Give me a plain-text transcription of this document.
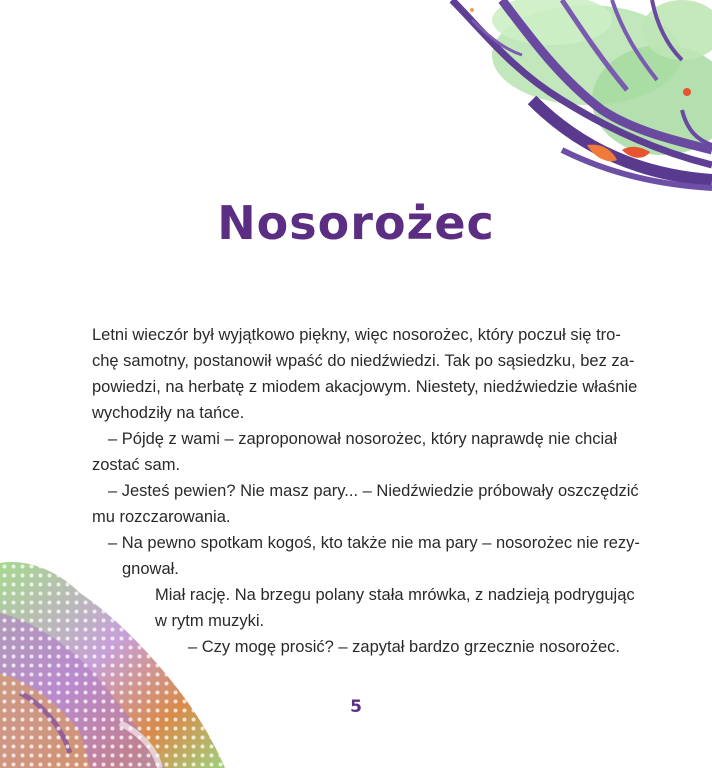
Nosorożec
Letni wieczór był wyjątkowo piękny, więc nosorożec, który poczuł się tro-
chę samotny, postanowił wpaść do niedźwiedzi. Tak po sąsiedzku, bez za-
powiedzi, na herbatę z miodem akacjowym. Niestety, niedźwiedzie właśnie
wychodziły na tańce.
– Pójdę z wami – zaproponował nosorożec, który naprawdę nie chciał
zostać sam.
– Jesteś pewien? Nie masz pary... – Niedźwiedzie próbowały oszczędzić
mu rozczarowania.
– Na pewno spotkam kogoś, kto także nie ma pary – nosorożec nie rezy-
gnował.
Miał rację. Na brzegu polany stała mrówka, z nadzieją podrygując
w rytm muzyki.
– Czy mogę prosić? – zapytał bardzo grzecznie nosorożec.
5
